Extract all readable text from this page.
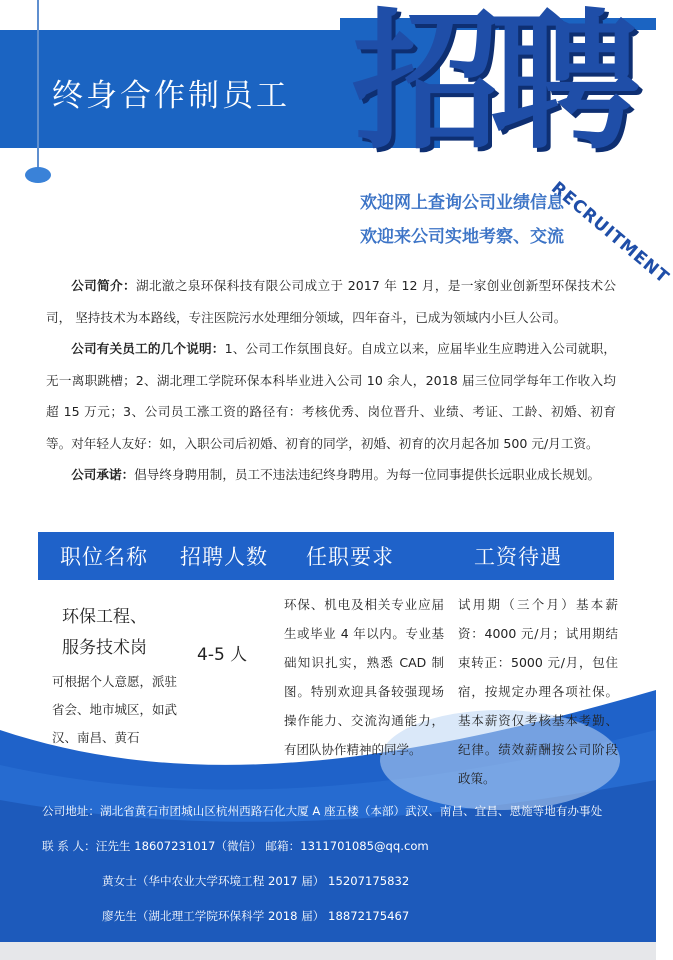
终身合作制员工 招
聘
RECRUITMENT
欢迎网上查询公司业绩信息
欢迎来公司实地考察、交流

公司简介：湖北澈之泉环保科技有限公司成立于 2017 年 12 月，是一家创业创新型环保技术公司， 坚持技术为本路线，专注医院污水处理细分领域，四年奋斗，已成为领域内小巨人公司。

公司有关员工的几个说明：1、公司工作氛围良好。自成立以来，应届毕业生应聘进入公司就职，无一离职跳槽；2、湖北理工学院环保本科毕业进入公司 10 余人，2018 届三位同学每年工作收入均超 15 万元；3、公司员工涨工资的路径有：考核优秀、岗位晋升、业绩、考证、工龄、初婚、初育等。对年轻人友好：如，入职公司后初婚、初育的同学，初婚、初育的次月起各加 500 元/月工资。

公司承诺：倡导终身聘用制，员工不违法违纪终身聘用。为每一位同事提供长远职业成长规划。

职位名称 招聘人数 任职要求	工资待遇
环保工程、
服务技术岗
可根据个人意愿，派驻省会、地市城区，如武汉、南昌、黄石
4-5 人
环保、机电及相关专业应届生或毕业 4 年以内。专业基础知识扎实，熟悉 CAD 制图。特别欢迎具备较强现场操作能力、交流沟通能力，有团队协作精神的同学。
试用期（三个月）基本薪资：4000 元/月；试用期结束转正：5000 元/月，包住宿，按规定办理各项社保。基本薪资仅考核基本考勤、纪律。绩效薪酬按公司阶段政策。
公司地址：湖北省黄石市团城山区杭州西路石化大厦 A 座五楼（本部）武汉、南昌、宜昌、恩施等地有办事处
联 系 人：汪先生 18607231017（微信） 邮箱：1311701085@qq.com
黄女士（华中农业大学环境工程 2017 届） 15207175832
廖先生（湖北理工学院环保科学 2018 届） 18872175467
